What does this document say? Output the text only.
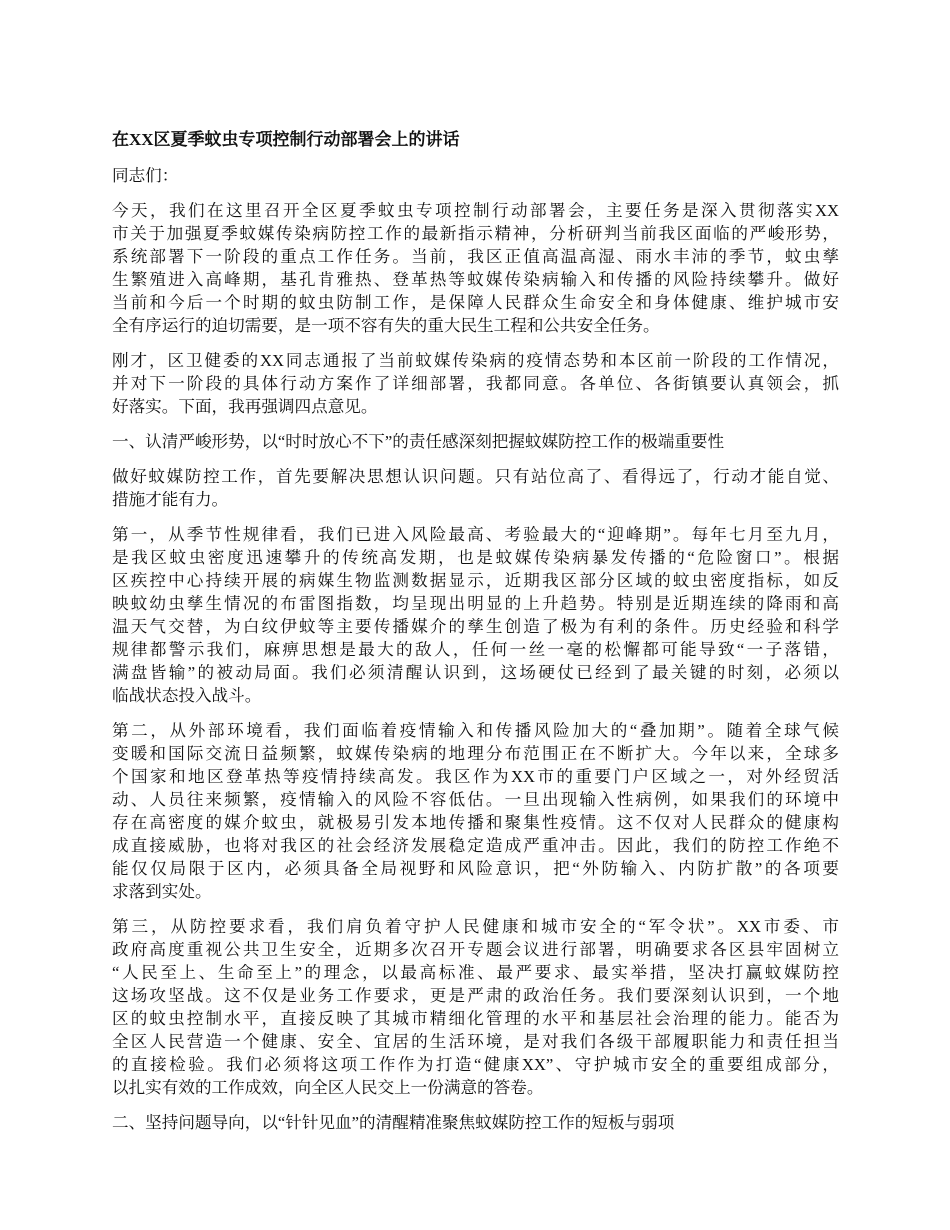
在XX区夏季蚊虫专项控制行动部署会上的讲话
同志们：
今天，我们在这里召开全区夏季蚊虫专项控制行动部署会，主要任务是深入贯彻落实XX
市关于加强夏季蚊媒传染病防控工作的最新指示精神，分析研判当前我区面临的严峻形势，
系统部署下一阶段的重点工作任务。当前，我区正值高温高湿、雨水丰沛的季节，蚊虫孳
生繁殖进入高峰期，基孔肯雅热、登革热等蚊媒传染病输入和传播的风险持续攀升。做好
当前和今后一个时期的蚊虫防制工作，是保障人民群众生命安全和身体健康、维护城市安
全有序运行的迫切需要，是一项不容有失的重大民生工程和公共安全任务。
刚才，区卫健委的XX同志通报了当前蚊媒传染病的疫情态势和本区前一阶段的工作情况，
并对下一阶段的具体行动方案作了详细部署，我都同意。各单位、各街镇要认真领会，抓
好落实。下面，我再强调四点意见。
一、认清严峻形势，以“时时放心不下”的责任感深刻把握蚊媒防控工作的极端重要性
做好蚊媒防控工作，首先要解决思想认识问题。只有站位高了、看得远了，行动才能自觉、
措施才能有力。
第一，从季节性规律看，我们已进入风险最高、考验最大的“迎峰期”。每年七月至九月，
是我区蚊虫密度迅速攀升的传统高发期，也是蚊媒传染病暴发传播的“危险窗口”。根据
区疾控中心持续开展的病媒生物监测数据显示，近期我区部分区域的蚊虫密度指标，如反
映蚊幼虫孳生情况的布雷图指数，均呈现出明显的上升趋势。特别是近期连续的降雨和高
温天气交替，为白纹伊蚊等主要传播媒介的孳生创造了极为有利的条件。历史经验和科学
规律都警示我们，麻痹思想是最大的敌人，任何一丝一毫的松懈都可能导致“一子落错，
满盘皆输”的被动局面。我们必须清醒认识到，这场硬仗已经到了最关键的时刻，必须以
临战状态投入战斗。
第二，从外部环境看，我们面临着疫情输入和传播风险加大的“叠加期”。随着全球气候
变暖和国际交流日益频繁，蚊媒传染病的地理分布范围正在不断扩大。今年以来，全球多
个国家和地区登革热等疫情持续高发。我区作为XX市的重要门户区域之一，对外经贸活
动、人员往来频繁，疫情输入的风险不容低估。一旦出现输入性病例，如果我们的环境中
存在高密度的媒介蚊虫，就极易引发本地传播和聚集性疫情。这不仅对人民群众的健康构
成直接威胁，也将对我区的社会经济发展稳定造成严重冲击。因此，我们的防控工作绝不
能仅仅局限于区内，必须具备全局视野和风险意识，把“外防输入、内防扩散”的各项要
求落到实处。
第三，从防控要求看，我们肩负着守护人民健康和城市安全的“军令状”。XX市委、市
政府高度重视公共卫生安全，近期多次召开专题会议进行部署，明确要求各区县牢固树立
“人民至上、生命至上”的理念，以最高标准、最严要求、最实举措，坚决打赢蚊媒防控
这场攻坚战。这不仅是业务工作要求，更是严肃的政治任务。我们要深刻认识到，一个地
区的蚊虫控制水平，直接反映了其城市精细化管理的水平和基层社会治理的能力。能否为
全区人民营造一个健康、安全、宜居的生活环境，是对我们各级干部履职能力和责任担当
的直接检验。我们必须将这项工作作为打造“健康XX”、守护城市安全的重要组成部分，
以扎实有效的工作成效，向全区人民交上一份满意的答卷。
二、坚持问题导向，以“针针见血”的清醒精准聚焦蚊媒防控工作的短板与弱项
